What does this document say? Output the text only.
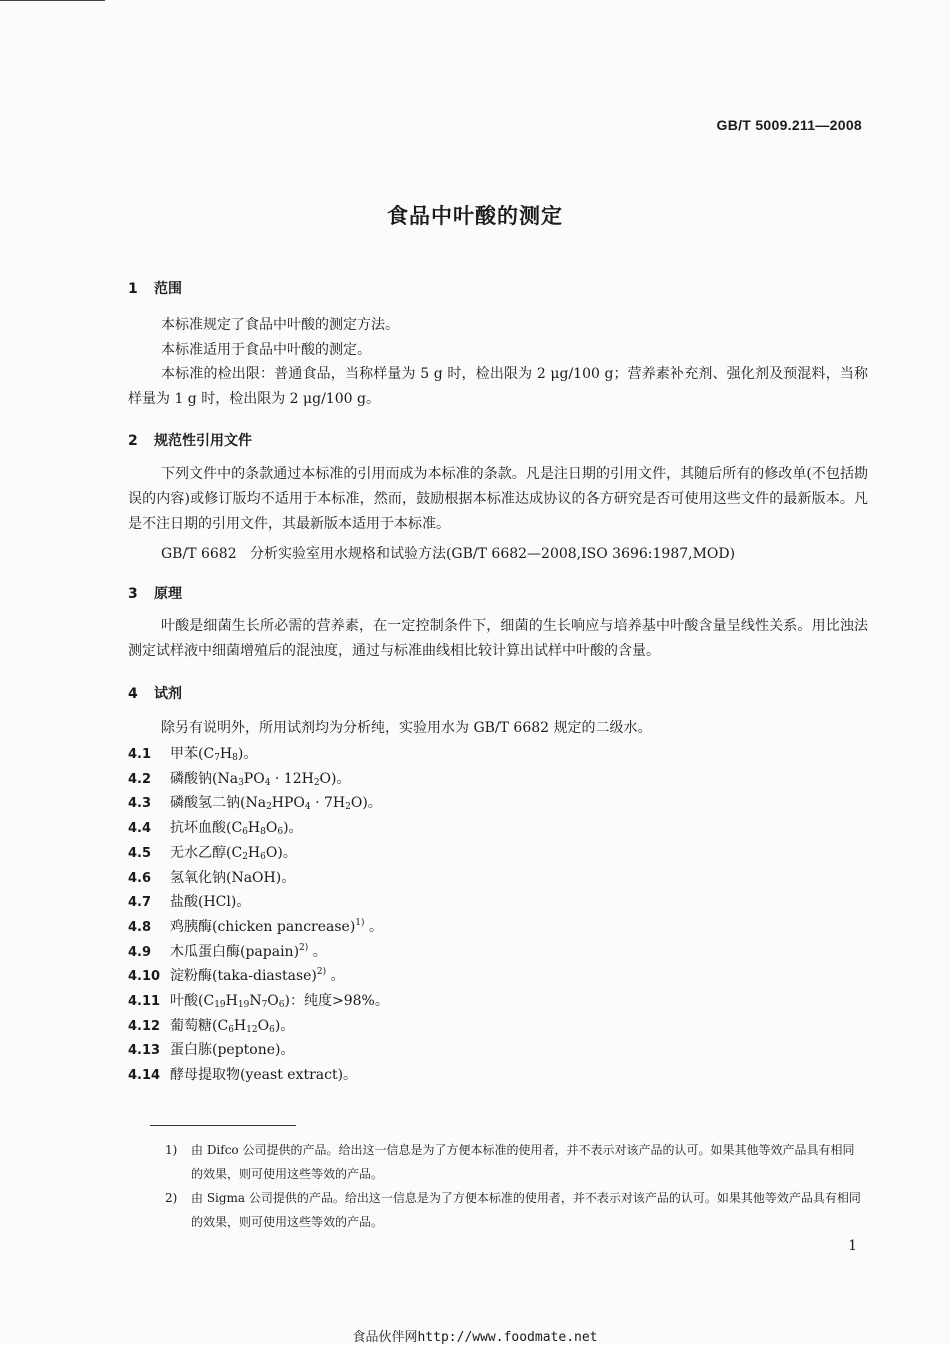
GB/T 5009.211—2008
食品中叶酸的测定
1 范围

本标准规定了食品中叶酸的测定方法。

本标准适用于食品中叶酸的测定。

本标准的检出限：普通食品，当称样量为 5 g 时，检出限为 2 μg/100 g；营养素补充剂、强化剂及预混料，当称样量为 1 g 时，检出限为 2 μg/100 g。

2 规范性引用文件

下列文件中的条款通过本标准的引用而成为本标准的条款。凡是注日期的引用文件，其随后所有的修改单(不包括勘误的内容)或修订版均不适用于本标准，然而，鼓励根据本标准达成协议的各方研究是否可使用这些文件的最新版本。凡是不注日期的引用文件，其最新版本适用于本标准。

GB/T 6682 分析实验室用水规格和试验方法(GB/T 6682—2008,ISO 3696:1987,MOD)
3 原理

叶酸是细菌生长所必需的营养素，在一定控制条件下，细菌的生长响应与培养基中叶酸含量呈线性关系。用比浊法测定试样液中细菌增殖后的混浊度，通过与标准曲线相比较计算出试样中叶酸的含量。

4 试剂

除另有说明外，所用试剂均为分析纯，实验用水为 GB/T 6682 规定的二级水。

4.1 甲苯$(C_7H_8)$。
4.2 磷酸钠$(Na_3PO_4 \cdot 12H_2O)$。
4.3 磷酸氢二钠$(Na_2HPO_4 \cdot 7H_2O)$。
4.4 抗坏血酸$(C_6H_8O_6)$。
4.5 无水乙醇$(C_2H_6O)$。
4.6 氢氧化钠(NaOH)。
4.7 盐酸(HCl)。
4.8 鸡胰酶(chicken pancrease)$^{1)}$ 。
4.9 木瓜蛋白酶(papain)$^{2)}$ 。
4.10 淀粉酶(taka-diastase)$^{2)}$ 。
4.11 叶酸$(C_{19}H_{19}N_7O_6)$：纯度>98%。
4.12 葡萄糖$(C_6H_{12}O_6)$。
4.13 蛋白胨(peptone)。
4.14 酵母提取物(yeast extract)。
1) 由 Difco 公司提供的产品。给出这一信息是为了方便本标准的使用者，并不表示对该产品的认可。如果其他等效产品具有相同的效果，则可使用这些等效的产品。
2) 由 Sigma 公司提供的产品。给出这一信息是为了方便本标准的使用者，并不表示对该产品的认可。如果其他等效产品具有相同的效果，则可使用这些等效的产品。
1
食品伙伴网http://www.foodmate.net
